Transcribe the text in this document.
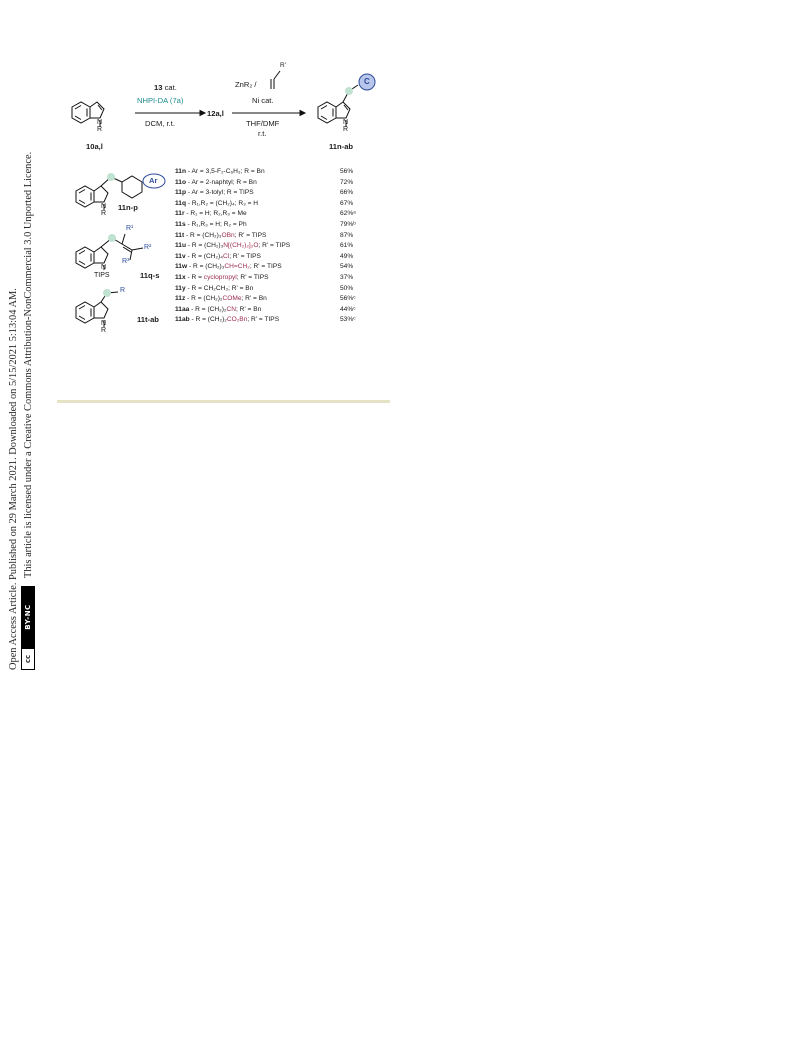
Open Access Article. Published on 29 March 2021. Downloaded on 5/15/2021 5:13:04 AM. cc
BY-NC
This article is licensed under a Creative Commons Attribution-NonCommercial 3.0 Unported Licence.
13 cat.
NHPI-DA (7a)
DCM, r.t.
12a,l
ZnR₂ /
R'
Ni cat.
THF/DMF
r.t.
10a,l
R
N
11n-ab
N
R
C
11n-p
Ar
N
R
11q-s
R¹
R²
R³
N
TIPS
11t-ab
R
N
R
11n - Ar = 3,5-F₂-C₆H₃; R = Bn	56%
11o - Ar = 2-naphtyl; R = Bn	72%
11p - Ar = 3-tolyl; R = TIPS	66%
11q - R₁,R₂ = (CH₂)₄; R₃ = H	67%
11r - R₁ = H; R₂,R₃ = Me	62%ᵃ
11s - R₁,R₃ = H; R₂ = Ph	79%ᵇ
11t - R = (CH₂)₃OBn; R' = TIPS	87%
11u - R = (CH₂)₃N[(CH₂)₂]₂O; R' = TIPS	61%
11v - R = (CH₂)₄Cl; R' = TIPS	49%
11w - R = (CH₂)₃CH=CH₂; R' = TIPS	54%
11x - R = cyclopropyl; R' = TIPS	37%
11y - R = CH₂CH₃; R' = Bn	50%
11z - R = (CH₂)₂COMe; R' = Bn	56%ᶜ
11aa - R = (CH₂)₂CN; R' = Bn	44%ᶜ
11ab - R = (CH₂)₂CO₂Bn; R' = TIPS	53%ᶜ
